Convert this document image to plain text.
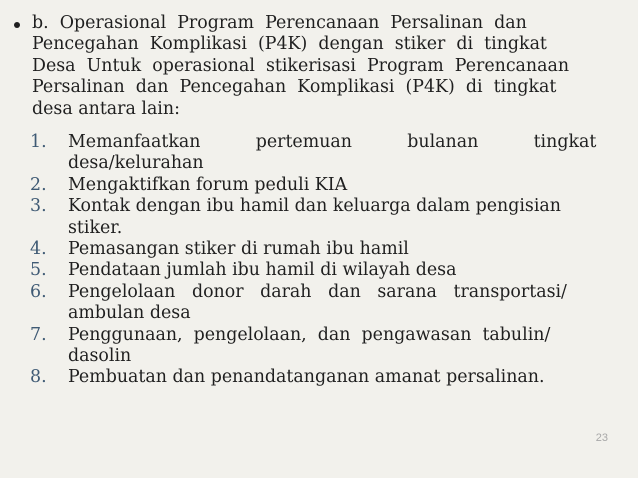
b.  Operasional  Program  Perencanaan  Persalinan  dan
Pencegahan  Komplikasi  (P4K)  dengan  stiker  di  tingkat
Desa  Untuk  operasional  stikerisasi  Program  Perencanaan
Persalinan  dan  Pencegahan  Komplikasi  (P4K)  di  tingkat
desa antara lain:
1.	Memanfaatkan          pertemuan          bulanan          tingkat
desa/kelurahan
2.	Mengaktifkan forum peduli KIA
3.	Kontak dengan ibu hamil dan keluarga dalam pengisian
stiker.
4.	Pemasangan stiker di rumah ibu hamil
5.	Pendataan jumlah ibu hamil di wilayah desa
6.	Pengelolaan   donor   darah   dan   sarana   transportasi/
ambulan desa
7.	Penggunaan,  pengelolaan,  dan  pengawasan  tabulin/
dasolin
8.	Pembuatan dan penandatanganan amanat persalinan.
23
